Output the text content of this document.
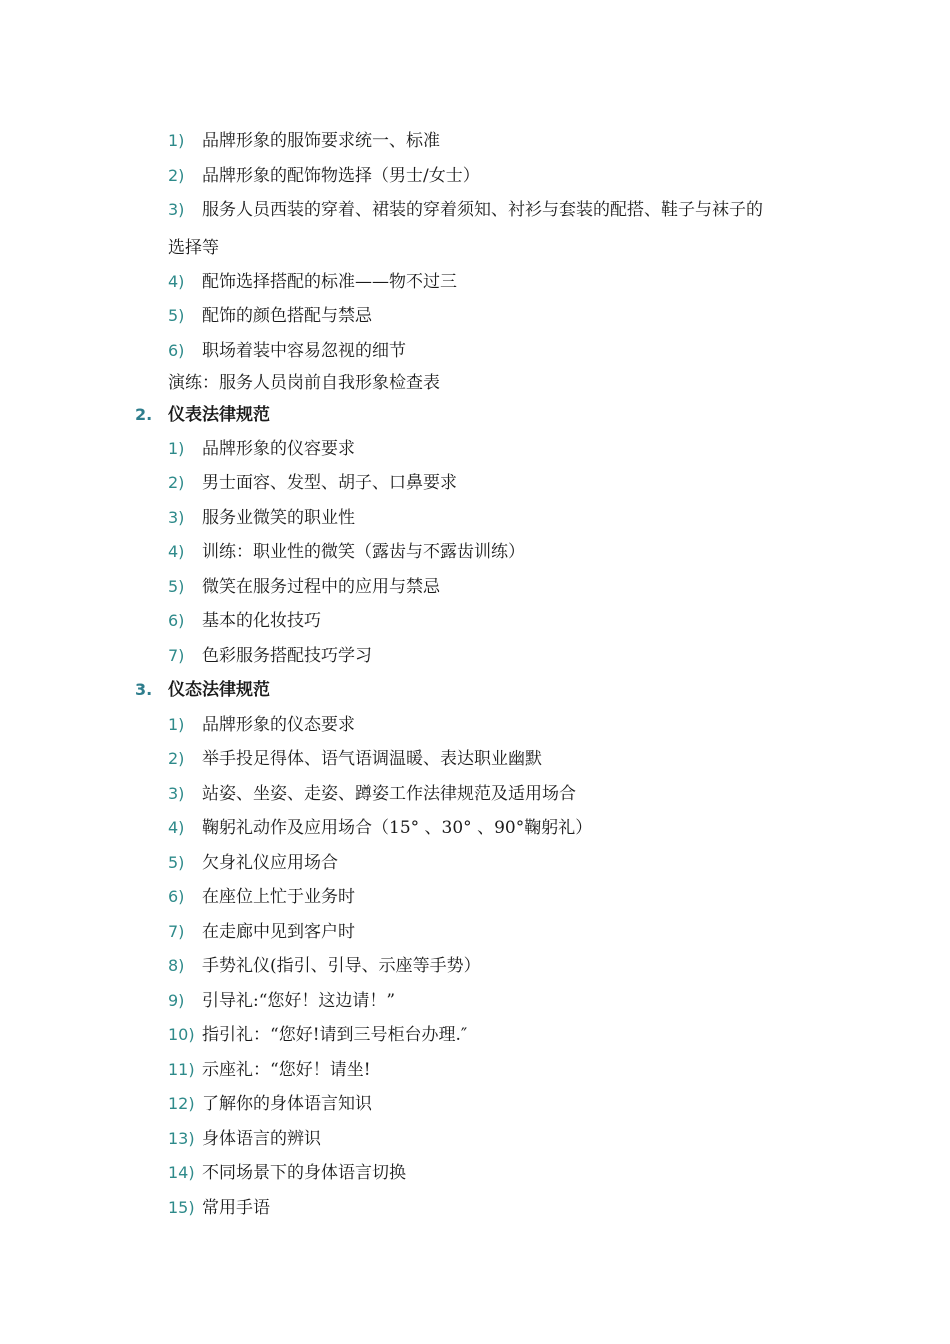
1) 品牌形象的服饰要求统一、标准
2) 品牌形象的配饰物选择（男士/女士）
3) 服务人员西装的穿着、裙装的穿着须知、衬衫与套装的配搭、鞋子与袜子的
选择等
4) 配饰选择搭配的标准——物不过三
5) 配饰的颜色搭配与禁忌
6) 职场着装中容易忽视的细节
演练：服务人员岗前自我形象检查表
2. 仪表法律规范
1) 品牌形象的仪容要求
2) 男士面容、发型、胡子、口鼻要求
3) 服务业微笑的职业性
4) 训练：职业性的微笑（露齿与不露齿训练）
5) 微笑在服务过程中的应用与禁忌
6) 基本的化妆技巧
7) 色彩服务搭配技巧学习
3. 仪态法律规范
1) 品牌形象的仪态要求
2) 举手投足得体、语气语调温暖、表达职业幽默
3) 站姿、坐姿、走姿、蹲姿工作法律规范及适用场合
4) 鞠躬礼动作及应用场合（15° 、30° 、90°鞠躬礼）
5) 欠身礼仪应用场合
6) 在座位上忙于业务时
7) 在走廊中见到客户时
8) 手势礼仪(指引、引导、示座等手势）
9) 引导礼:“您好！这边请！”
10) 指引礼：“您好!请到三号柜台办理.″
11) 示座礼：“您好！请坐!
12) 了解你的身体语言知识
13) 身体语言的辨识
14) 不同场景下的身体语言切换
15) 常用手语
